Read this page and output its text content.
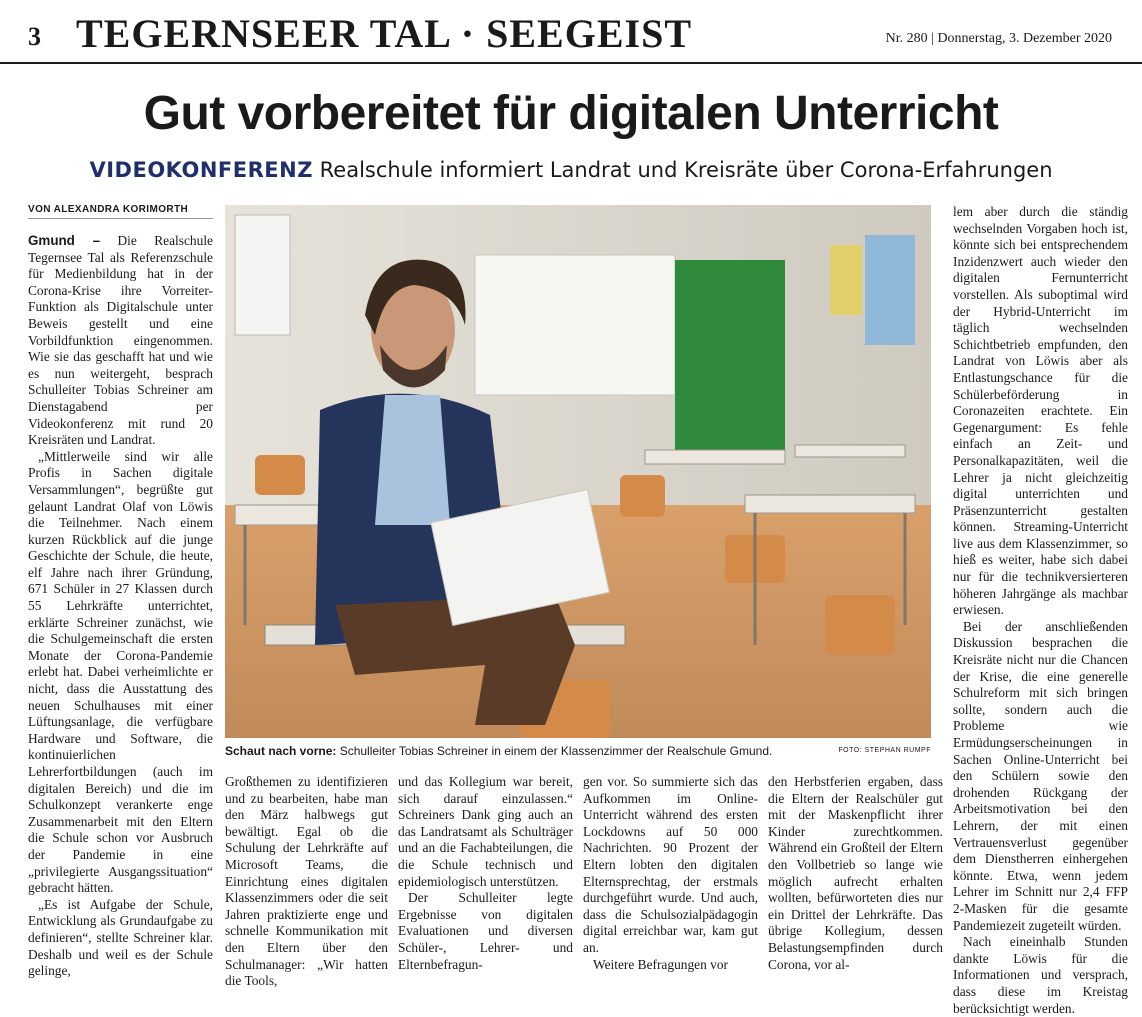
3 TEGERNSEER TAL · SEEGEIST	Nr. 280 | Donnerstag, 3. Dezember 2020
Gut vorbereitet für digitalen Unterricht
VIDEOKONFERENZ Realschule informiert Landrat und Kreisräte über Corona-Erfahrungen
VON ALEXANDRA KORIMORTH

Gmund – Die Realschule Tegernsee Tal als Referenzschule für Medienbildung hat in der Corona-Krise ihre Vorreiter-Funktion als Digitalschule unter Beweis gestellt und eine Vorbildfunktion eingenommen. Wie sie das geschafft hat und wie es nun weitergeht, besprach Schulleiter Tobias Schreiner am Dienstagabend per Videokonferenz mit rund 20 Kreisräten und Landrat.

„Mittlerweile sind wir alle Profis in Sachen digitale Versammlungen“, begrüßte gut gelaunt Landrat Olaf von Löwis die Teilnehmer. Nach einem kurzen Rückblick auf die junge Geschichte der Schule, die heute, elf Jahre nach ihrer Gründung, 671 Schüler in 27 Klassen durch 55 Lehrkräfte unterrichtet, erklärte Schreiner zunächst, wie die Schulgemeinschaft die ersten Monate der Corona-Pandemie erlebt hat. Dabei verheimlichte er nicht, dass die Ausstattung des neuen Schulhauses mit einer Lüftungsanlage, die verfügbare Hardware und Software, die kontinuierlichen Lehrerfortbildungen (auch im digitalen Bereich) und die im Schulkonzept verankerte enge Zusammenarbeit mit den Eltern die Schule schon vor Ausbruch der Pandemie in eine „privilegierte Ausgangssituation“ gebracht hätten.

„Es ist Aufgabe der Schule, Entwicklung als Grundaufgabe zu definieren“, stellte Schreiner klar. Deshalb und weil es der Schule gelinge,

Schaut nach vorne: Schulleiter Tobias Schreiner in einem der Klassenzimmer der Realschule Gmund.	FOTO: STEPHAN RUMPF

Großthemen zu identifizieren und zu bearbeiten, habe man den März halbwegs gut bewältigt. Egal ob die Schulung der Lehrkräfte auf Microsoft Teams, die Einrichtung eines digitalen Klassenzimmers oder die seit Jahren praktizierte enge und schnelle Kommunikation mit den Eltern über den Schulmanager: „Wir hatten die Tools,

und das Kollegium war bereit, sich darauf einzulassen.“ Schreiners Dank ging auch an das Landratsamt als Schulträger und an die Fachabteilungen, die die Schule technisch und epidemiologisch unterstützen.

Der Schulleiter legte Ergebnisse von digitalen Evaluationen und diversen Schüler-, Lehrer- und Elternbefragun-

gen vor. So summierte sich das Aufkommen im Online-Unterricht während des ersten Lockdowns auf 50 000 Nachrichten. 90 Prozent der Eltern lobten den digitalen Elternsprechtag, der erstmals durchgeführt wurde. Und auch, dass die Schulsozialpädagogin digital erreichbar war, kam gut an.

Weitere Befragungen vor

den Herbstferien ergaben, dass die Eltern der Realschüler gut mit der Maskenpflicht ihrer Kinder zurechtkommen. Während ein Großteil der Eltern den Vollbetrieb so lange wie möglich aufrecht erhalten wollten, befürworteten dies nur ein Drittel der Lehrkräfte. Das übrige Kollegium, dessen Belastungsempfinden durch Corona, vor al-

lem aber durch die ständig wechselnden Vorgaben hoch ist, könnte sich bei entsprechendem Inzidenzwert auch wieder den digitalen Fernunterricht vorstellen. Als suboptimal wird der Hybrid-Unterricht im täglich wechselnden Schichtbetrieb empfunden, den Landrat von Löwis aber als Entlastungschance für die Schülerbeförderung in Coronazeiten erachtete. Ein Gegenargument: Es fehle einfach an Zeit- und Personalkapazitäten, weil die Lehrer ja nicht gleichzeitig digital unterrichten und Präsenzunterricht gestalten können. Streaming-Unterricht live aus dem Klassenzimmer, so hieß es weiter, habe sich dabei nur für die technikversierteren höheren Jahrgänge als machbar erwiesen.

Bei der anschließenden Diskussion besprachen die Kreisräte nicht nur die Chancen der Krise, die eine generelle Schulreform mit sich bringen sollte, sondern auch die Probleme wie Ermüdungserscheinungen in Sachen Online-Unterricht bei den Schülern sowie den drohenden Rückgang der Arbeitsmotivation bei den Lehrern, der mit einen Vertrauensverlust gegenüber dem Dienstherren einhergehen könnte. Etwa, wenn jedem Lehrer im Schnitt nur 2,4 FFP 2-Masken für die gesamte Pandemiezeit zugeteilt würden.

Nach eineinhalb Stunden dankte Löwis für die Informationen und versprach, dass diese im Kreistag berücksichtigt werden.
